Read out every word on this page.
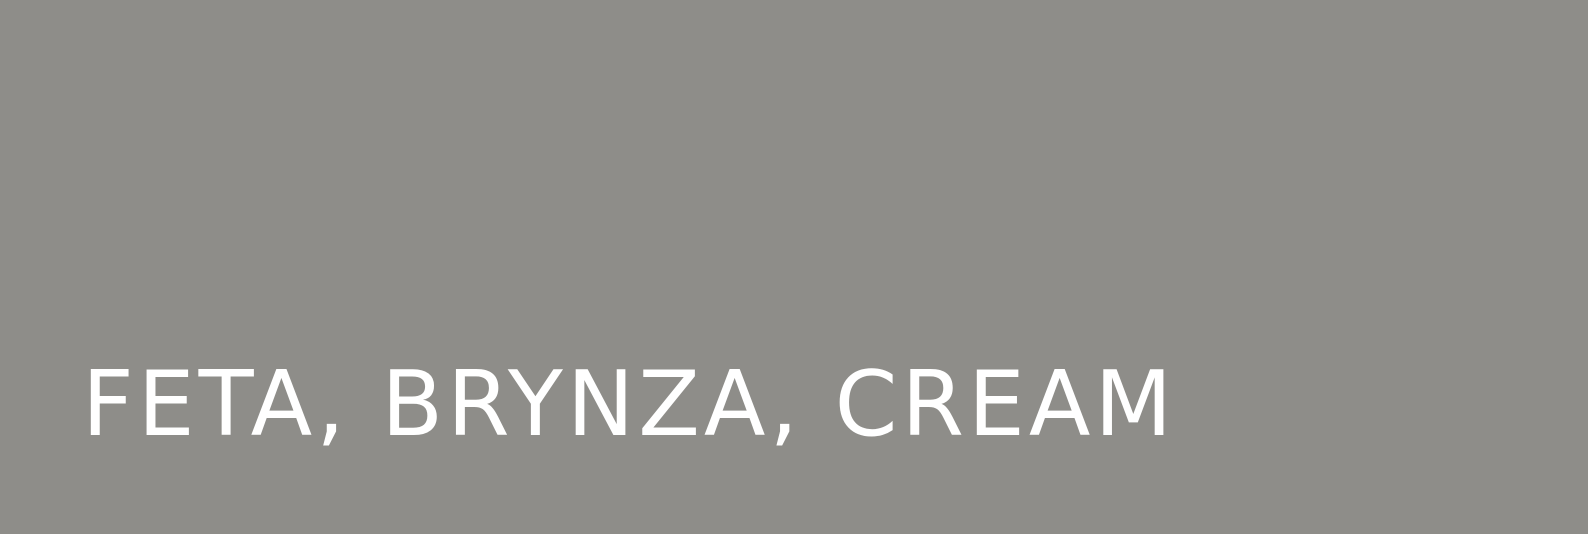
FETA, BRYNZA, CREAM
